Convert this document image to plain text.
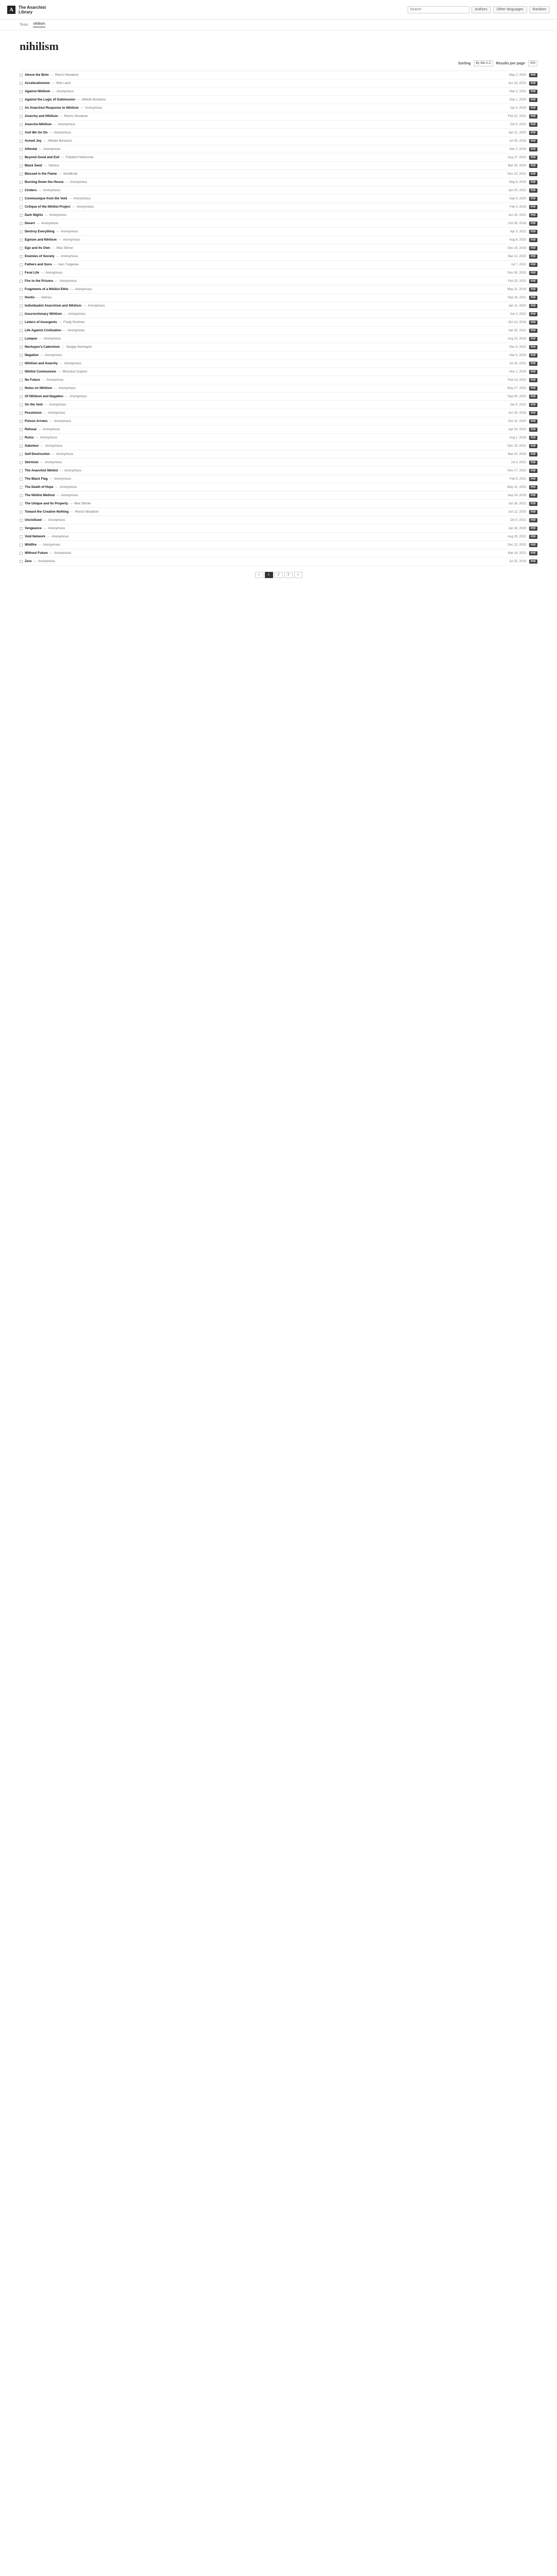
A	The Anarchist
Library
Search	Authors	Other languages	Random
Texts nihilism
nihilism
Sorting	By title A-Z	Results per page	500
Above the Brim — Renzo Novatore	May 2, 2023	PDF
Accelerationism — Nick Land	Jun 14, 2022	PDF
Against Nihilism — Anonymous	Mar 3, 2021	PDF
Against the Logic of Submission — Alfredo Bonanno	Sep 1, 2020	PDF
An Anarchist Response to Nihilism — Anonymous	Jan 9, 2019	PDF
Anarchy and Nihilism — Renzo Novatore	Feb 22, 2022	PDF
Anarcho-Nihilism — Anonymous	Oct 5, 2021	PDF
And We Go On — Anonymous	Apr 11, 2020	PDF
Armed Joy — Alfredo Bonanno	Jul 30, 2018	PDF
Attentat — Anonymous	Dec 2, 2019	PDF
Beyond Good and Evil — Friedrich Nietzsche	Aug 17, 2022	PDF
Black Seed — Various	Mar 28, 2020	PDF
Blessed is the Flame — Serafinski	Nov 13, 2021	PDF
Burning Down the House — Anonymous	May 6, 2023	PDF
Cinders — Anonymous	Jan 20, 2022	PDF
Communique from the Void — Anonymous	Sep 9, 2020	PDF
Critique of the Nihilist Project — Anonymous	Feb 4, 2019	PDF
Dark Nights — Anonymous	Jun 15, 2021	PDF
Desert — Anonymous	Oct 26, 2018	PDF
Destroy Everything — Anonymous	Apr 3, 2022	PDF
Egoism and Nihilism — Anonymous	Aug 8, 2020	PDF
Ego and Its Own — Max Stirner	Dec 19, 2019	PDF
Enemies of Society — Anonymous	Mar 12, 2023	PDF
Fathers and Sons — Ivan Turgenev	Jul 7, 2021	PDF
Feral Life — Anonymous	Nov 30, 2020	PDF
Fire to the Prisons — Anonymous	Feb 25, 2022	PDF
Fragments of a Nihilist Ethic — Anonymous	May 21, 2019	PDF
Hostis — Various	Sep 16, 2021	PDF
Individualist Anarchism and Nihilism — Anonymous	Jan 11, 2020	PDF
Insurrectionary Nihilism — Anonymous	Jun 2, 2022	PDF
Letters of Insurgents — Fredy Perlman	Oct 14, 2018	PDF
Life Against Civilization — Anonymous	Apr 29, 2021	PDF
Lumpen — Anonymous	Aug 23, 2019	PDF
Nechayev's Catechism — Sergey Nechayev	Dec 8, 2022	PDF
Negation — Anonymous	Mar 5, 2020	PDF
Nihilism and Anarchy — Anonymous	Jul 18, 2021	PDF
Nihilist Communism — Monsieur Dupont	Nov 2, 2019	PDF
No Future — Anonymous	Feb 14, 2023	PDF
Notes on Nihilism — Anonymous	May 27, 2020	PDF
Of Nihilism and Negation — Anonymous	Sep 30, 2022	PDF
On the Void — Anonymous	Jan 6, 2021	PDF
Pessimism — Anonymous	Jun 19, 2019	PDF
Poison Arrows — Anonymous	Oct 10, 2020	PDF
Refusal — Anonymous	Apr 24, 2022	PDF
Ruins — Anonymous	Aug 1, 2018	PDF
Saboteur — Anonymous	Dec 15, 2021	PDF
Self-Destruction — Anonymous	Mar 20, 2019	PDF
Skirmish — Anonymous	Jul 4, 2022	PDF
The Anarchist Nihilist — Anonymous	Nov 17, 2020	PDF
The Black Flag — Anonymous	Feb 9, 2021	PDF
The Death of Hope — Anonymous	May 31, 2023	PDF
The Nihilist Method — Anonymous	Sep 24, 2019	PDF
The Unique and Its Property — Max Stirner	Jan 28, 2022	PDF
Toward the Creative Nothing — Renzo Novatore	Jun 12, 2020	PDF
Uncivilized — Anonymous	Oct 3, 2021	PDF
Vengeance — Anonymous	Apr 16, 2019	PDF
Void Network — Anonymous	Aug 29, 2022	PDF
Wildfire — Anonymous	Dec 22, 2020	PDF
Without Future — Anonymous	Mar 14, 2021	PDF
Zero — Anonymous	Jul 25, 2019	PDF
«	1	2	3	»
